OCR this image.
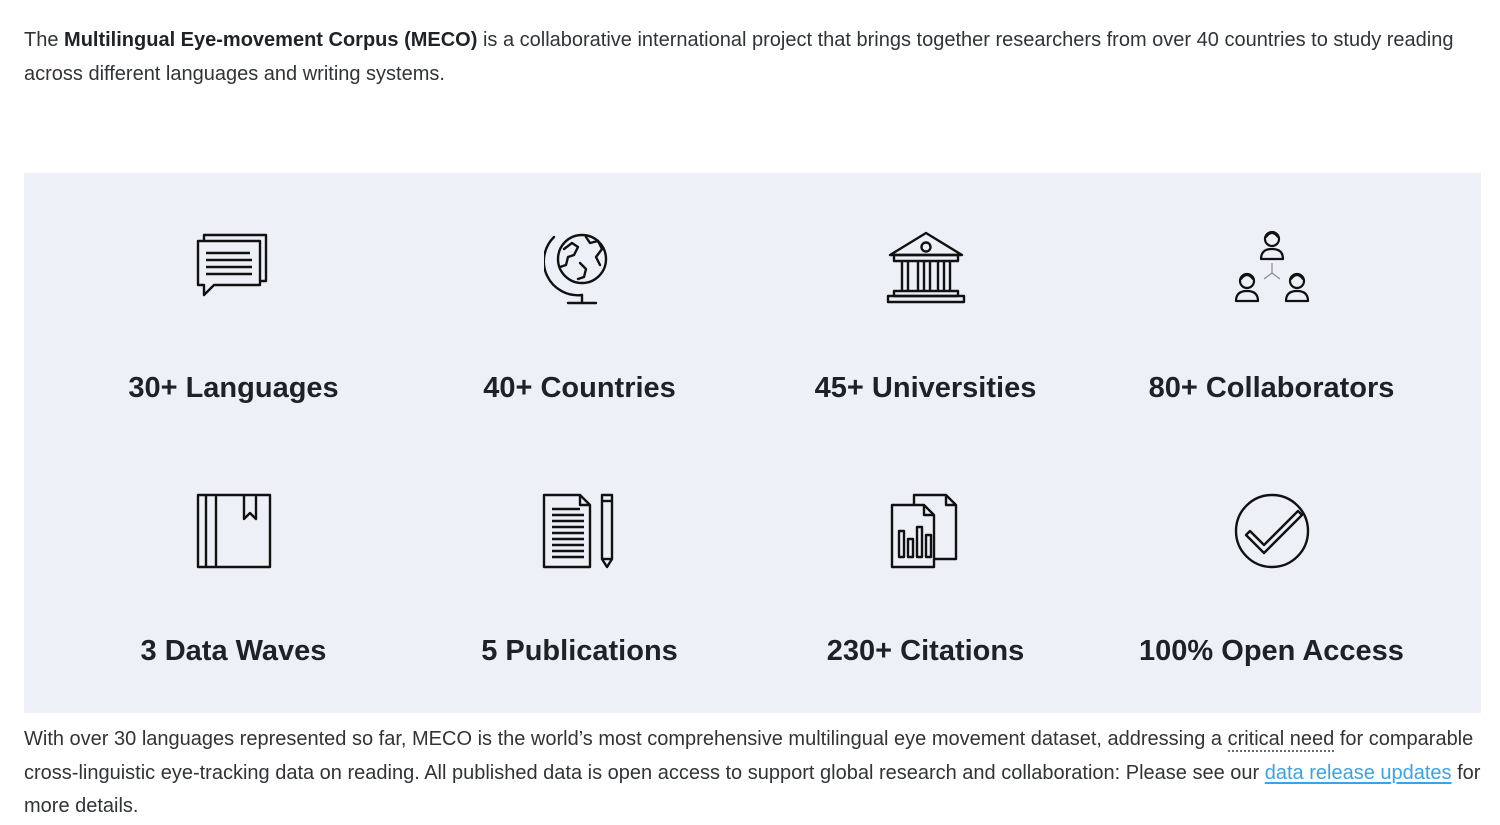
The Multilingual Eye-movement Corpus (MECO) is a collaborative international project that brings together researchers from over 40 countries to study reading across different languages and writing systems.

30+ Languages	40+ Countries	45+ Universities	80+ Collaborators
3 Data Waves	5 Publications	230+ Citations	100% Open Access

With over 30 languages represented so far, MECO is the world’s most comprehensive multilingual eye movement dataset, addressing a critical need for comparable cross-linguistic eye-tracking data on reading. All published data is open access to support global research and collaboration: Please see our data release updates for more details.
